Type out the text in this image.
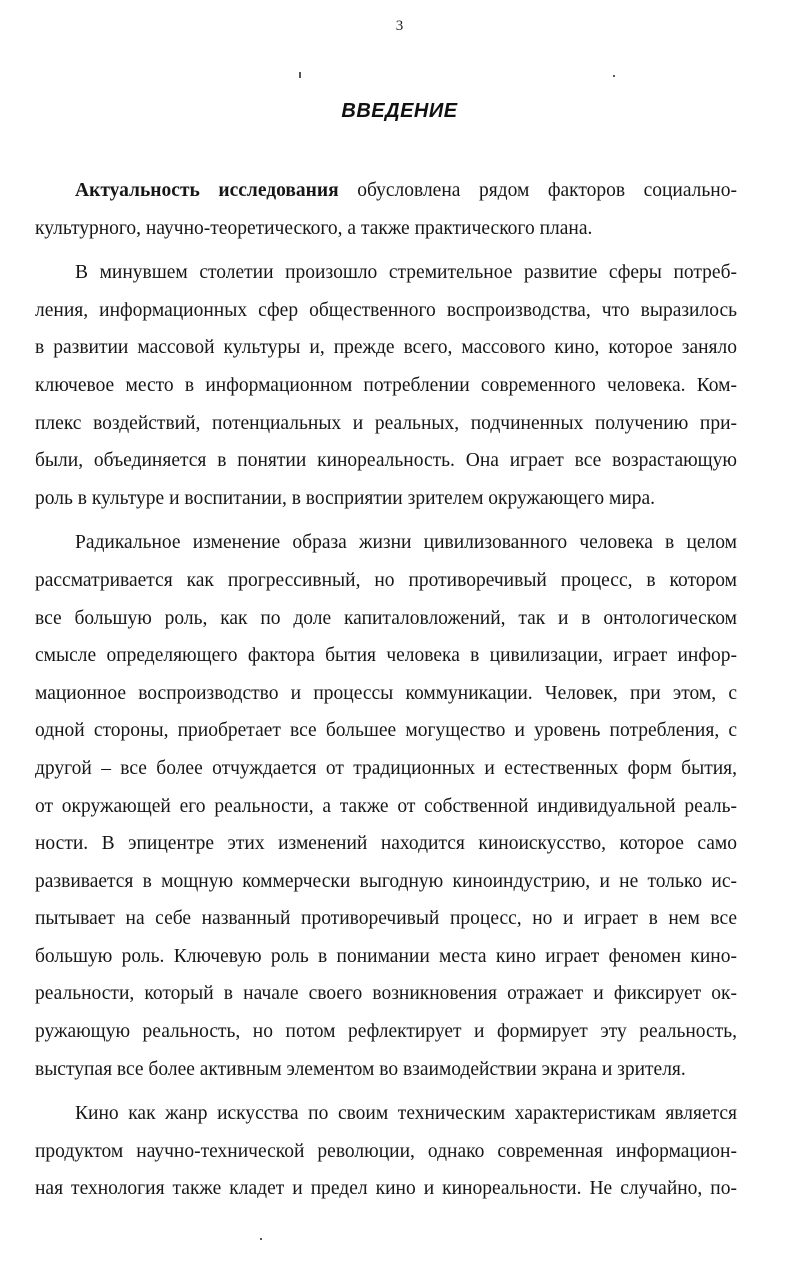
3
ВВЕДЕНИЕ
Актуальность исследования обусловлена рядом факторов социально-
культурного, научно-теоретического, а также практического плана.
В минувшем столетии произошло стремительное развитие сферы потреб-
ления, информационных сфер общественного воспроизводства, что выразилось
в развитии массовой культуры и, прежде всего, массового кино, которое заняло
ключевое место в информационном потреблении современного человека. Ком-
плекс воздействий, потенциальных и реальных, подчиненных получению при-
были, объединяется в понятии кинореальность. Она играет все возрастающую
роль в культуре и воспитании, в восприятии зрителем окружающего мира.
Радикальное изменение образа жизни цивилизованного человека в целом
рассматривается как прогрессивный, но противоречивый процесс, в котором
все большую роль, как по доле капиталовложений, так и в онтологическом
смысле определяющего фактора бытия человека в цивилизации, играет инфор-
мационное воспроизводство и процессы коммуникации. Человек, при этом, с
одной стороны, приобретает все большее могущество и уровень потребления, с
другой – все более отчуждается от традиционных и естественных форм бытия,
от окружающей его реальности, а также от собственной индивидуальной реаль-
ности. В эпицентре этих изменений находится киноискусство, которое само
развивается в мощную коммерчески выгодную киноиндустрию, и не только ис-
пытывает на себе названный противоречивый процесс, но и играет в нем все
большую роль. Ключевую роль в понимании места кино играет феномен кино-
реальности, который в начале своего возникновения отражает и фиксирует ок-
ружающую реальность, но потом рефлектирует и формирует эту реальность,
выступая все более активным элементом во взаимодействии экрана и зрителя.
Кино как жанр искусства по своим техническим характеристикам является
продуктом научно-технической революции, однако современная информацион-
ная технология также кладет и предел кино и кинореальности. Не случайно, по-
